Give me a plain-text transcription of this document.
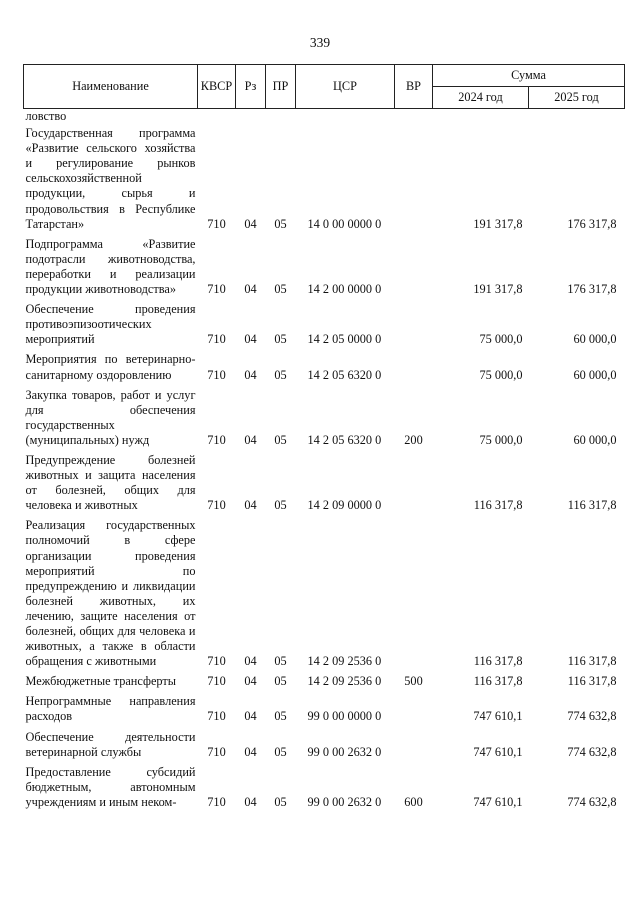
339
Наименование	КВСР	Рз	ПР	ЦСР	ВР	Сумма	
						2024 год	2025 год
ловство							
Государственная программа «Развитие сельского хозяйства и регулирование рынков сельскохозяйственной продукции, сырья и продовольствия в Республике Татарстан»	710	04	05	14 0 00 0000 0		191 317,8	176 317,8
Подпрограмма «Развитие подотрасли животноводства, переработки и реализации продукции животноводства»	710	04	05	14 2 00 0000 0		191 317,8	176 317,8
Обеспечение проведения противоэпизоотических мероприятий	710	04	05	14 2 05 0000 0		75 000,0	60 000,0
Мероприятия по ветеринарно-санитарному оздоровлению	710	04	05	14 2 05 6320 0		75 000,0	60 000,0
Закупка товаров, работ и услуг для обеспечения государственных (муниципальных) нужд	710	04	05	14 2 05 6320 0	200	75 000,0	60 000,0
Предупреждение болезней животных и защита населения от болезней, общих для человека и животных	710	04	05	14 2 09 0000 0		116 317,8	116 317,8
Реализация государственных полномочий в сфере организации проведения мероприятий по предупреждению и ликвидации болезней животных, их лечению, защите населения от болезней, общих для человека и животных, а также в области обращения с животными	710	04	05	14 2 09 2536 0		116 317,8	116 317,8
Межбюджетные трансферты	710	04	05	14 2 09 2536 0	500	116 317,8	116 317,8
Непрограммные направления расходов	710	04	05	99 0 00 0000 0		747 610,1	774 632,8
Обеспечение деятельности ветеринарной службы	710	04	05	99 0 00 2632 0		747 610,1	774 632,8
Предоставление субсидий бюджетным, автономным учреждениям и иным неком-	710	04	05	99 0 00 2632 0	600	747 610,1	774 632,8
